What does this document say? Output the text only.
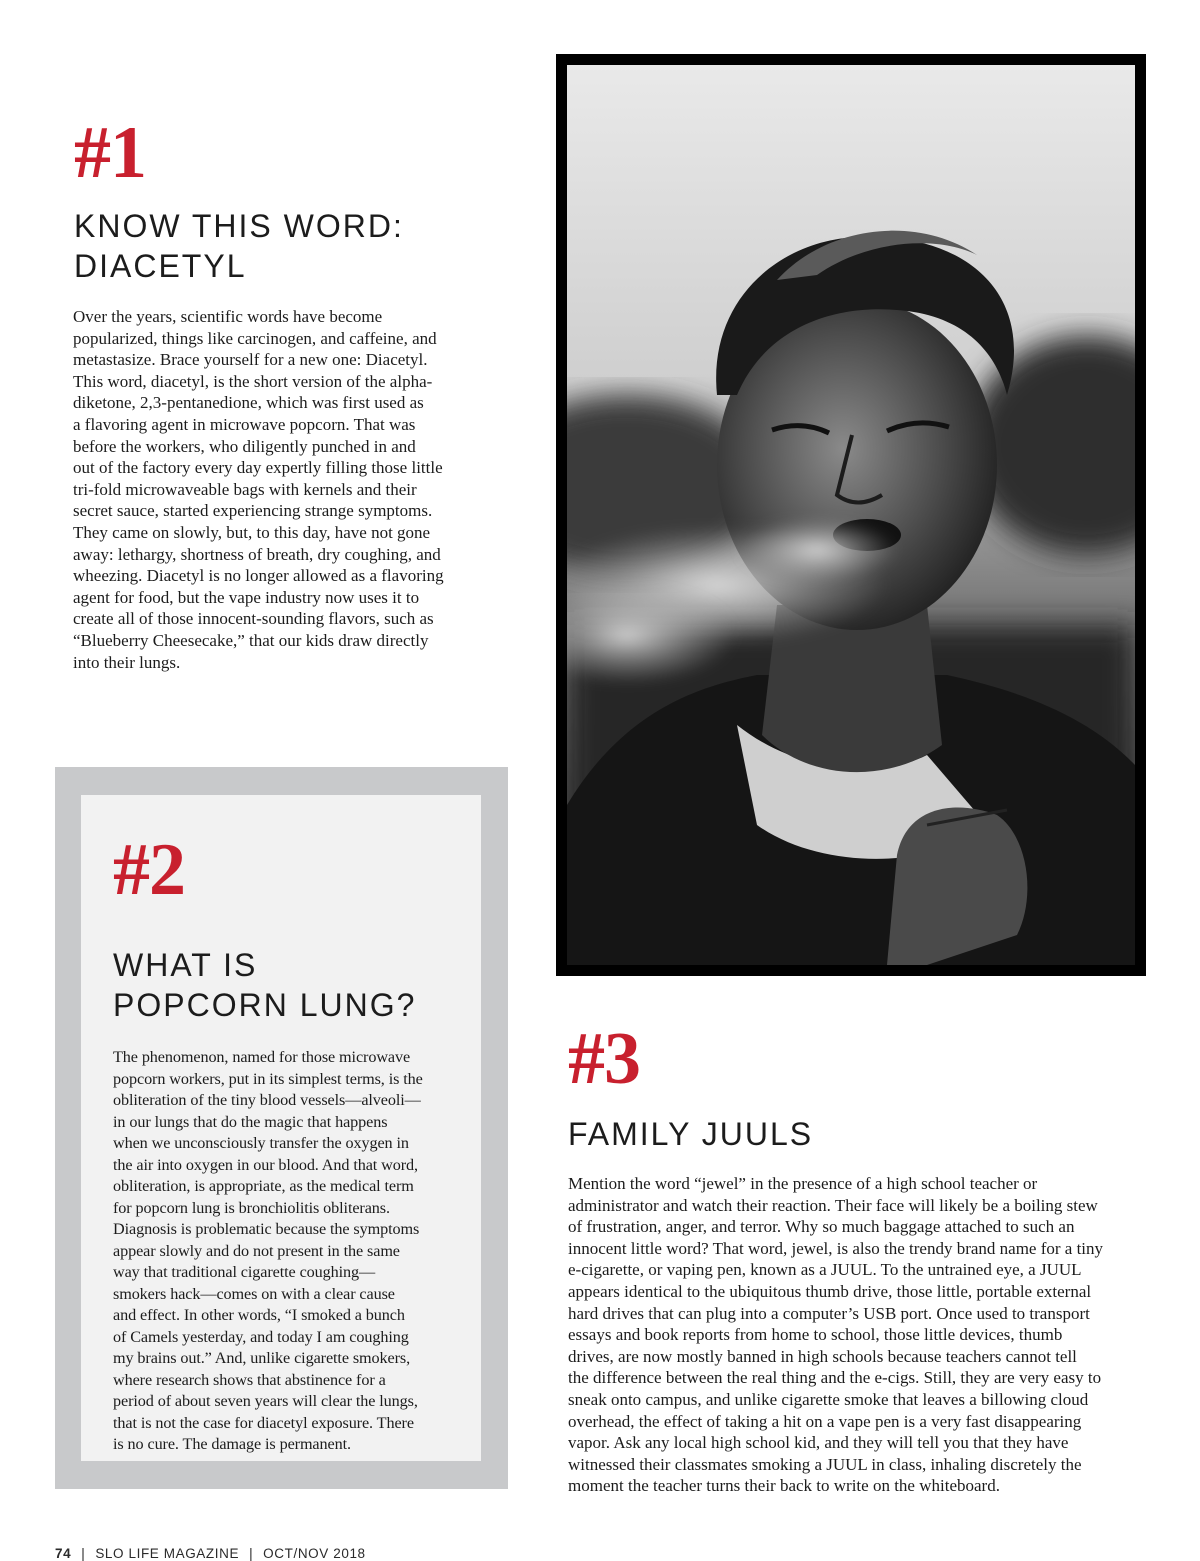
#1
KNOW THIS WORD:
DIACETYL
Over the years, scientific words have become
popularized, things like carcinogen, and caffeine, and
metastasize. Brace yourself for a new one: Diacetyl.
This word, diacetyl, is the short version of the alpha-
diketone, 2,3-pentanedione, which was first used as
a flavoring agent in microwave popcorn. That was
before the workers, who diligently punched in and
out of the factory every day expertly filling those little
tri-fold microwaveable bags with kernels and their
secret sauce, started experiencing strange symptoms.
They came on slowly, but, to this day, have not gone
away: lethargy, shortness of breath, dry coughing, and
wheezing. Diacetyl is no longer allowed as a flavoring
agent for food, but the vape industry now uses it to
create all of those innocent-sounding flavors, such as
“Blueberry Cheesecake,” that our kids draw directly
into their lungs.
#2
WHAT IS
POPCORN LUNG?
The phenomenon, named for those microwave
popcorn workers, put in its simplest terms, is the
obliteration of the tiny blood vessels—alveoli—
in our lungs that do the magic that happens
when we unconsciously transfer the oxygen in
the air into oxygen in our blood. And that word,
obliteration, is appropriate, as the medical term
for popcorn lung is bronchiolitis obliterans.
Diagnosis is problematic because the symptoms
appear slowly and do not present in the same
way that traditional cigarette coughing—
smokers hack—comes on with a clear cause
and effect. In other words, “I smoked a bunch
of Camels yesterday, and today I am coughing
my brains out.” And, unlike cigarette smokers,
where research shows that abstinence for a
period of about seven years will clear the lungs,
that is not the case for diacetyl exposure. There
is no cure. The damage is permanent.
#3
FAMILY JUULS
Mention the word “jewel” in the presence of a high school teacher or
administrator and watch their reaction. Their face will likely be a boiling stew
of frustration, anger, and terror. Why so much baggage attached to such an
innocent little word? That word, jewel, is also the trendy brand name for a tiny
e-cigarette, or vaping pen, known as a JUUL. To the untrained eye, a JUUL
appears identical to the ubiquitous thumb drive, those little, portable external
hard drives that can plug into a computer’s USB port. Once used to transport
essays and book reports from home to school, those little devices, thumb
drives, are now mostly banned in high schools because teachers cannot tell
the difference between the real thing and the e-cigs. Still, they are very easy to
sneak onto campus, and unlike cigarette smoke that leaves a billowing cloud
overhead, the effect of taking a hit on a vape pen is a very fast disappearing
vapor. Ask any local high school kid, and they will tell you that they have
witnessed their classmates smoking a JUUL in class, inhaling discretely the
moment the teacher turns their back to write on the whiteboard.
74 | SLO LIFE MAGAZINE | OCT/NOV 2018
